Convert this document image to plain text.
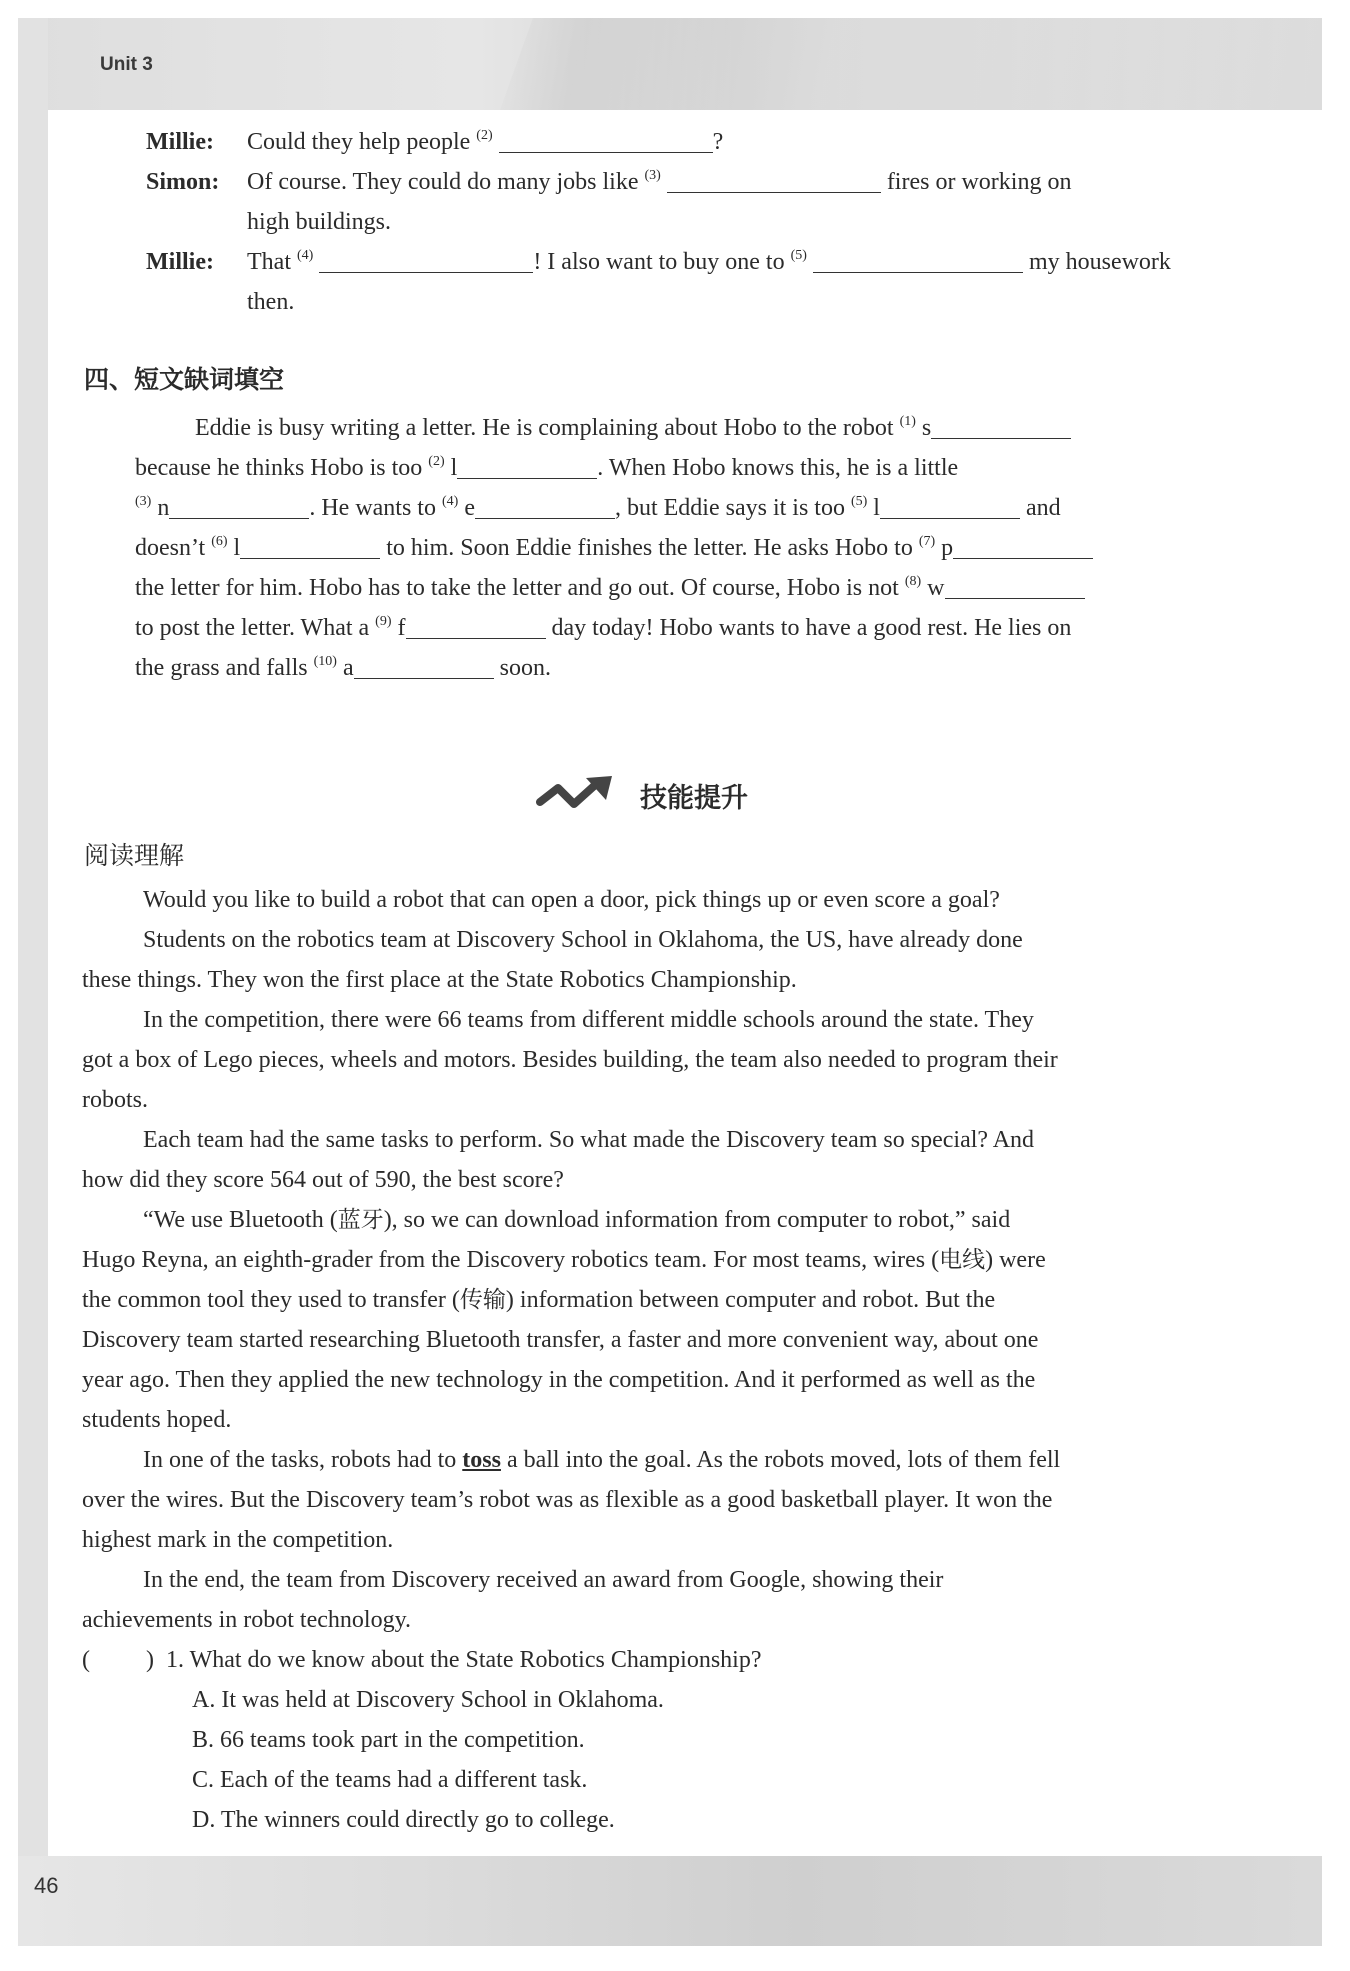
Unit 3
46
Millie: Could they help people $^{(2)}$	?
Simon: Of course. They could do many jobs like $^{(3)}$	fires or working on
high buildings.
Millie: That $^{(4)}$	! I also want to buy one to $^{(5)}$	my housework
then.
四、短文缺词填空
Eddie is busy writing a letter. He is complaining about Hobo to the robot $^{(1)}$ s
because he thinks Hobo is too $^{(2)}$ l	. When Hobo knows this, he is a little
$^{(3)}$ n	. He wants to $^{(4)}$ e	, but Eddie says it is too $^{(5)}$ l	and
doesn’t $^{(6)}$ l	to him. Soon Eddie finishes the letter. He asks Hobo to $^{(7)}$ p
the letter for him. Hobo has to take the letter and go out. Of course, Hobo is not $^{(8)}$ w
to post the letter. What a $^{(9)}$ f	day today! Hobo wants to have a good rest. He lies on
the grass and falls $^{(10)}$ a	soon.
技能提升
阅读理解
Would you like to build a robot that can open a door, pick things up or even score a goal?
Students on the robotics team at Discovery School in Oklahoma, the US, have already done
these things. They won the first place at the State Robotics Championship.
In the competition, there were 66 teams from different middle schools around the state. They
got a box of Lego pieces, wheels and motors. Besides building, the team also needed to program their
robots.
Each team had the same tasks to perform. So what made the Discovery team so special? And
how did they score 564 out of 590, the best score?
“We use Bluetooth (蓝牙), so we can download information from computer to robot,” said
Hugo Reyna, an eighth-grader from the Discovery robotics team. For most teams, wires (电线) were
the common tool they used to transfer (传输) information between computer and robot. But the
Discovery team started researching Bluetooth transfer, a faster and more convenient way, about one
year ago. Then they applied the new technology in the competition. And it performed as well as the
students hoped.
In one of the tasks, robots had to toss a ball into the goal. As the robots moved, lots of them fell
over the wires. But the Discovery team’s robot was as flexible as a good basketball player. It won the
highest mark in the competition.
In the end, the team from Discovery received an award from Google, showing their
achievements in robot technology.
( ) 1. What do we know about the State Robotics Championship?
A. It was held at Discovery School in Oklahoma.
B. 66 teams took part in the competition.
C. Each of the teams had a different task.
D. The winners could directly go to college.
